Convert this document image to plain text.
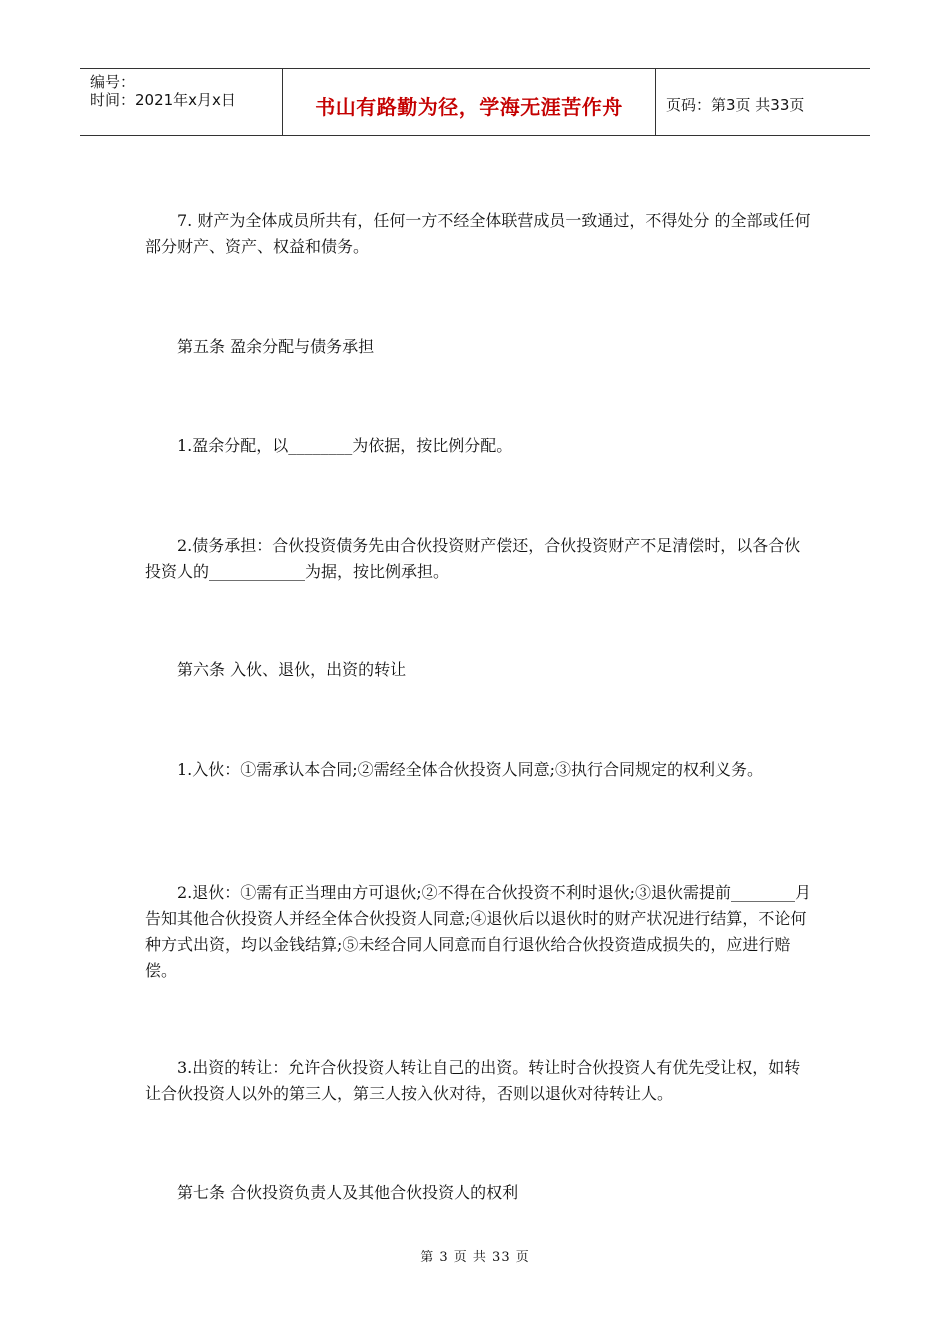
编号：
时间：2021年x月x日	书山有路勤为径，学海无涯苦作舟	页码：第3页 共33页

7. 财产为全体成员所共有，任何一方不经全体联营成员一致通过，不得处分 的全部或任何部分财产、资产、权益和债务。

第五条 盈余分配与债务承担

1.盈余分配，以________为依据，按比例分配。

2.债务承担：合伙投资债务先由合伙投资财产偿还，合伙投资财产不足清偿时，以各合伙投资人的____________为据，按比例承担。

第六条 入伙、退伙，出资的转让

1.入伙：①需承认本合同;②需经全体合伙投资人同意;③执行合同规定的权利义务。

2.退伙：①需有正当理由方可退伙;②不得在合伙投资不利时退伙;③退伙需提前________月告知其他合伙投资人并经全体合伙投资人同意;④退伙后以退伙时的财产状况进行结算，不论何种方式出资，均以金钱结算;⑤未经合同人同意而自行退伙给合伙投资造成损失的，应进行赔偿。

3.出资的转让：允许合伙投资人转让自己的出资。转让时合伙投资人有优先受让权，如转让合伙投资人以外的第三人，第三人按入伙对待，否则以退伙对待转让人。

第七条 合伙投资负责人及其他合伙投资人的权利
第 3 页 共 33 页
